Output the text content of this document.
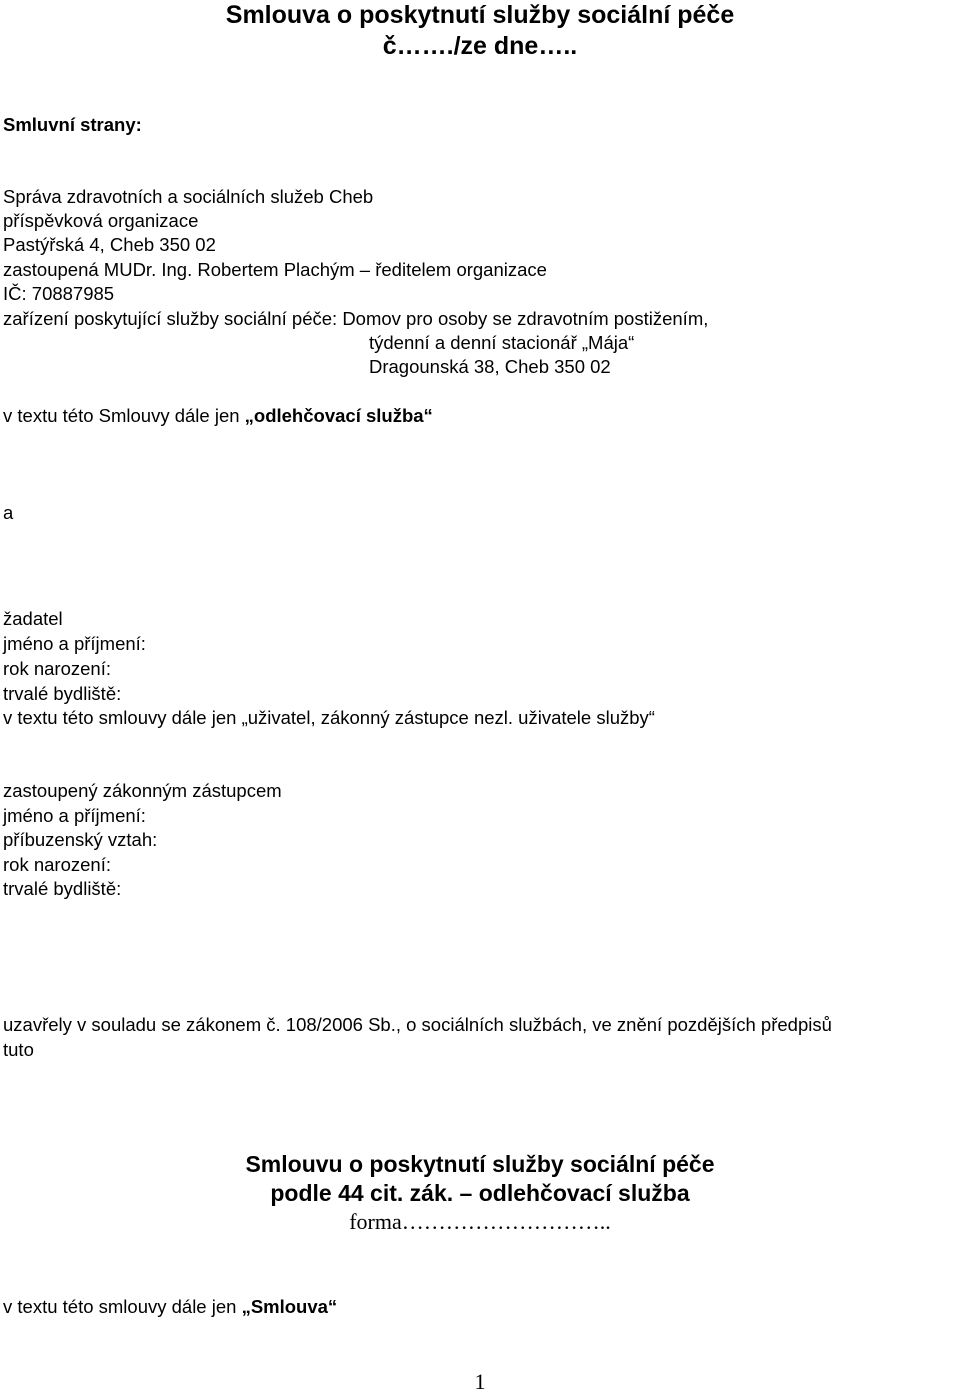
Smlouva o poskytnutí služby sociální péče
č……./ze dne…..
Smluvní strany:
Správa zdravotních a sociálních služeb Cheb
příspěvková organizace
Pastýřská 4, Cheb 350 02
zastoupená MUDr. Ing. Robertem Plachým – ředitelem organizace
IČ: 70887985
zařízení poskytující služby sociální péče: Domov pro osoby se zdravotním postižením,
týdenní a denní stacionář „Mája“
Dragounská 38, Cheb 350 02
v textu této Smlouvy dále jen „odlehčovací služba“
a
žadatel
jméno a příjmení:
rok narození:
trvalé bydliště:
v textu této smlouvy dále jen „uživatel, zákonný zástupce nezl. uživatele služby“
zastoupený zákonným zástupcem
jméno a příjmení:
příbuzenský vztah:
rok narození:
trvalé bydliště:
uzavřely v souladu se zákonem č. 108/2006 Sb., o sociálních službách, ve znění pozdějších předpisů
tuto
Smlouvu o poskytnutí služby sociální péče
podle 44 cit. zák. – odlehčovací služba
forma………………………..
v textu této smlouvy dále jen „Smlouva“
1
